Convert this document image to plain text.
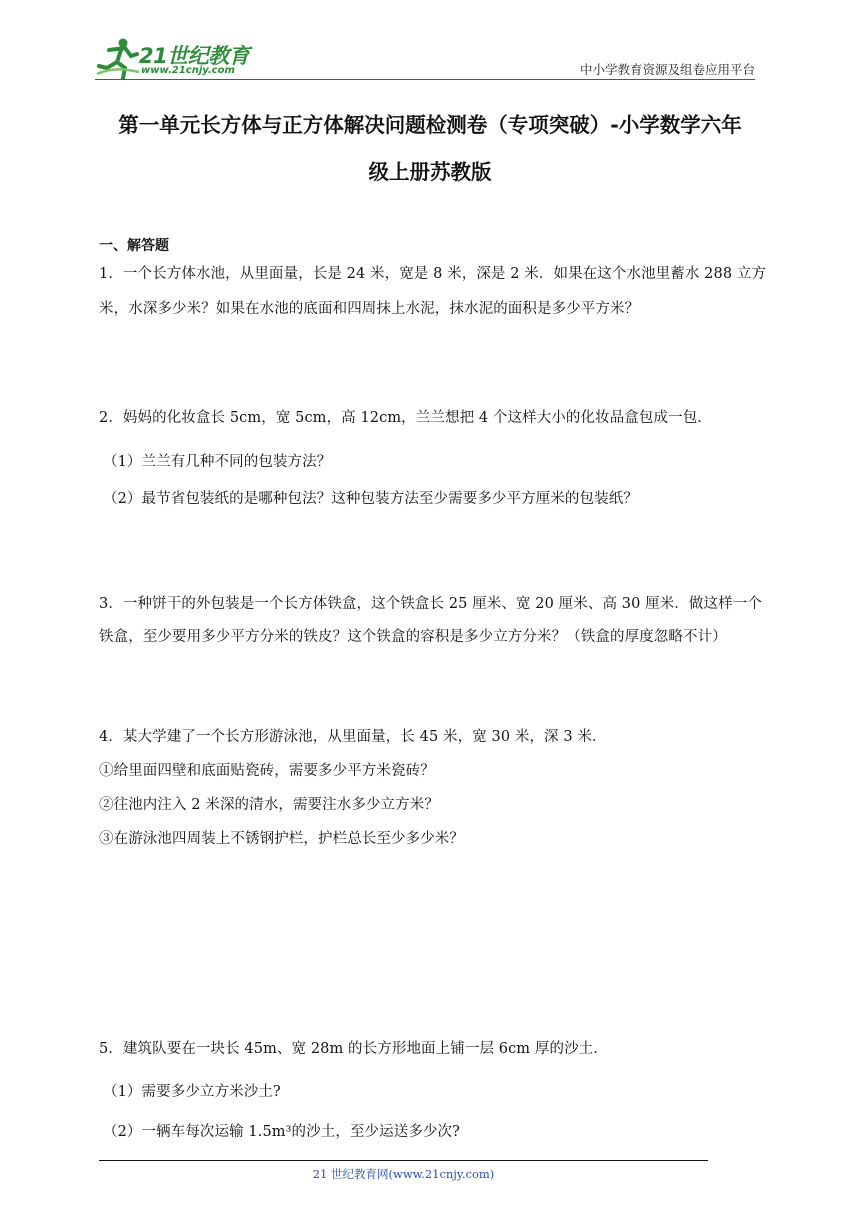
21世纪教育
www.21cnjy.com	中小学教育资源及组卷应用平台
第一单元长方体与正方体解决问题检测卷（专项突破）-小学数学六年
级上册苏教版
一、解答题
1．一个长方体水池，从里面量，长是 24 米，宽是 8 米，深是 2 米．如果在这个水池里蓄水 288 立方
米，水深多少米？如果在水池的底面和四周抹上水泥，抹水泥的面积是多少平方米？
2．妈妈的化妆盒长 5cm，宽 5cm，高 12cm，兰兰想把 4 个这样大小的化妆品盒包成一包．
（1）兰兰有几种不同的包装方法？
（2）最节省包装纸的是哪种包法？这种包装方法至少需要多少平方厘米的包装纸？
3．一种饼干的外包装是一个长方体铁盒，这个铁盒长 25 厘米、宽 20 厘米、高 30 厘米．做这样一个
铁盒，至少要用多少平方分米的铁皮？这个铁盒的容积是多少立方分米？（铁盒的厚度忽略不计）
4．某大学建了一个长方形游泳池，从里面量，长 45 米，宽 30 米，深 3 米．
①给里面四壁和底面贴瓷砖，需要多少平方米瓷砖？
②往池内注入 2 米深的清水，需要注水多少立方米？
③在游泳池四周装上不锈钢护栏，护栏总长至少多少米？
5．建筑队要在一块长 45m、宽 28m 的长方形地面上铺一层 6cm 厚的沙土．
（1）需要多少立方米沙土?
（2）一辆车每次运输 1.5m³的沙土，至少运送多少次?
21 世纪教育网(www.21cnjy.com)
